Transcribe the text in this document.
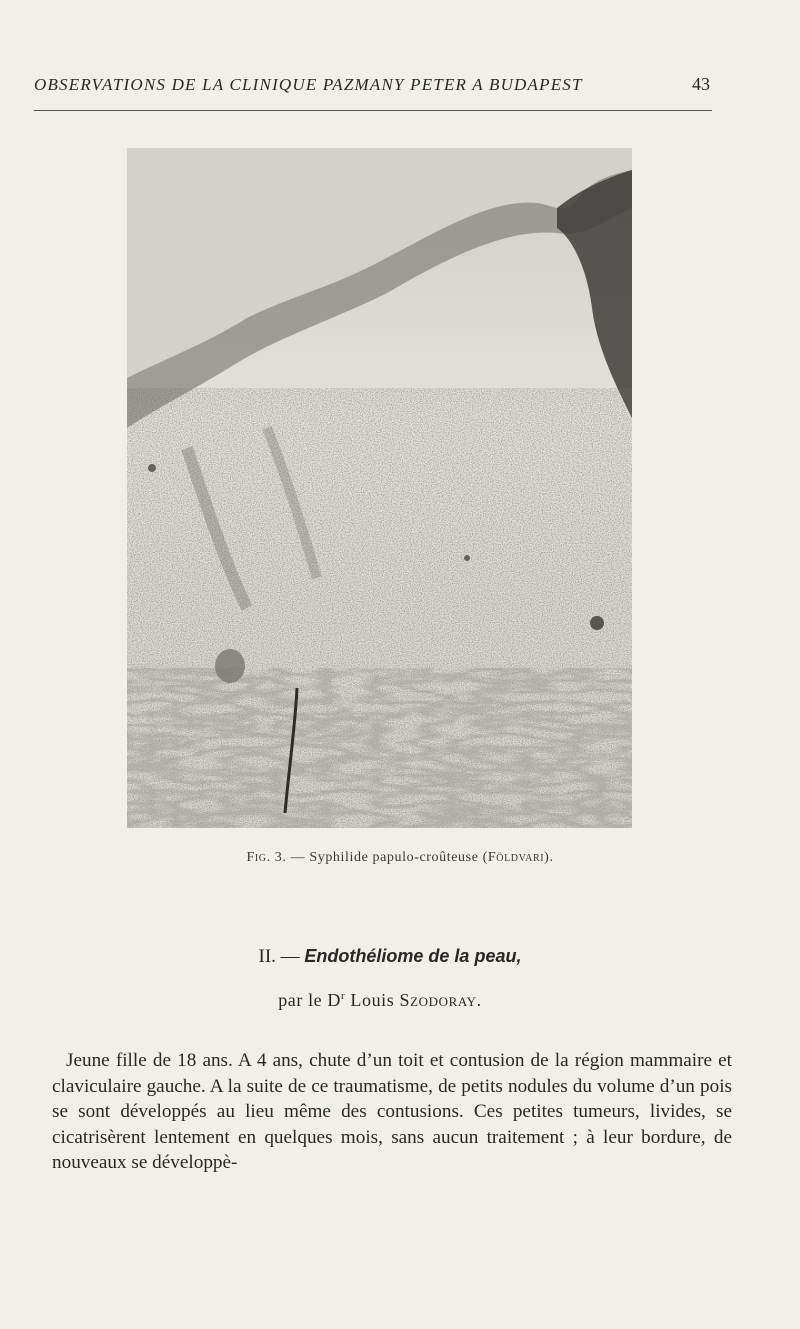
OBSERVATIONS DE LA CLINIQUE PAZMANY PETER A BUDAPEST	43
Fig. 3. — Syphilide papulo-croûteuse (Földvari).
II. — Endothéliome de la peau,
par le $D^r$ Louis Szodoray.

Jeune fille de 18 ans. A 4 ans, chute d’un toit et contusion de la région mammaire et claviculaire gauche. A la suite de ce traumatisme, de petits nodules du volume d’un pois se sont développés au lieu même des contusions. Ces petites tumeurs, livides, se cicatrisèrent lentement en quelques mois, sans aucun traitement ; à leur bordure, de nouveaux se développè-
